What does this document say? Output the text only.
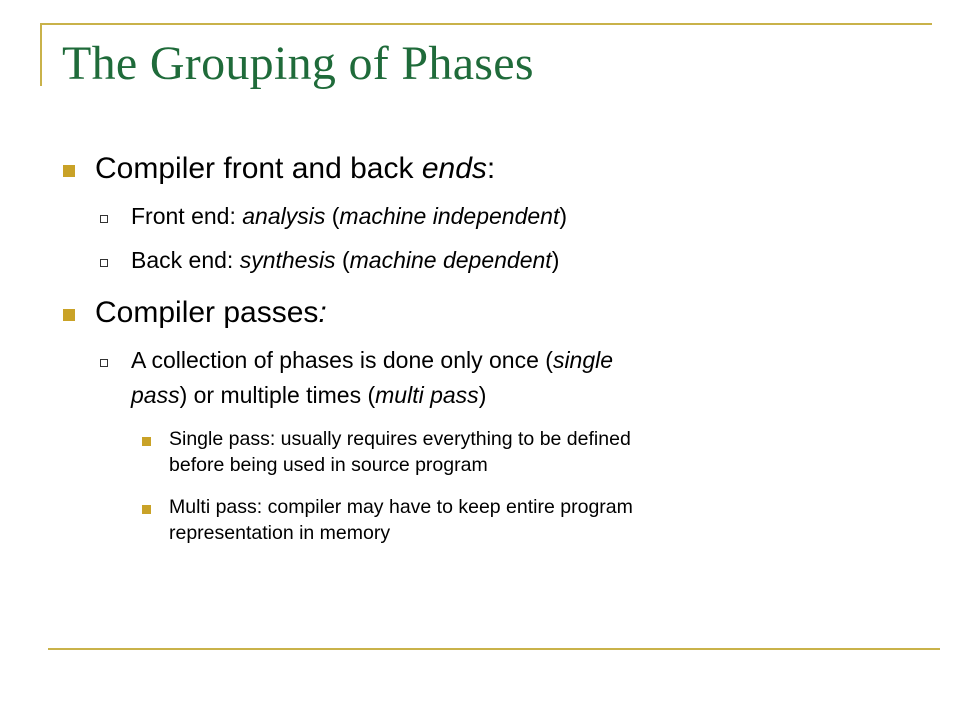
The Grouping of Phases
Compiler front and back ends:
Front end: analysis (machine independent)
Back end: synthesis (machine dependent)
Compiler passes:
A collection of phases is done only once (single
pass) or multiple times (multi pass)
Single pass: usually requires everything to be defined
before being used in source program
Multi pass: compiler may have to keep entire program
representation in memory
